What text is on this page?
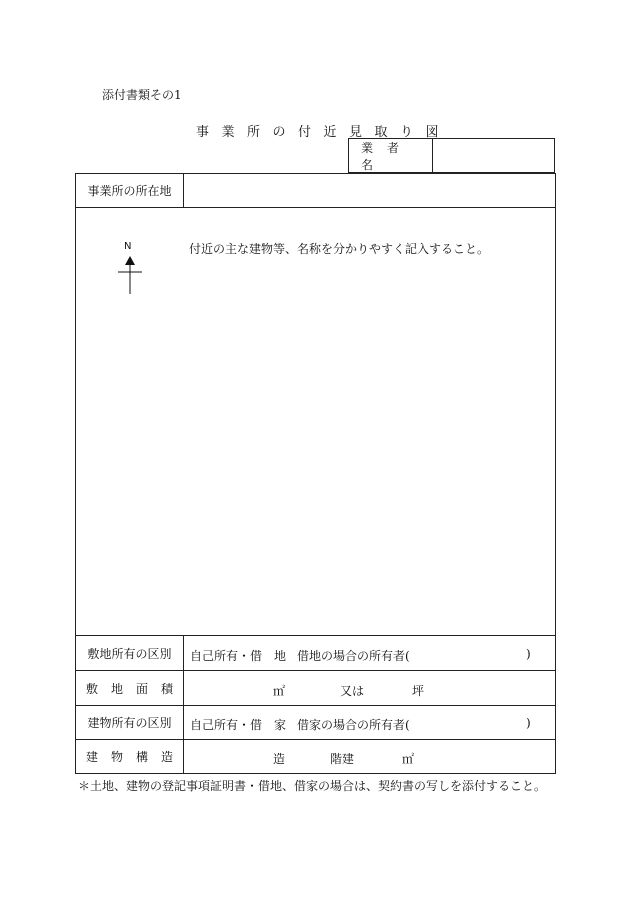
添付書類その1
事業所の付近見取り図
業者名
事業所の所在地
N	付近の主な建物等、名称を分かりやすく記入すること。
敷地所有の区別	自己所有・借　地 借地の場合の所有者(	)
敷地面積	㎡	又は	坪
建物所有の区別	自己所有・借　家 借家の場合の所有者(	)
建物構造	造	階建	㎡
＊土地、建物の登記事項証明書・借地、借家の場合は、契約書の写しを添付すること。
